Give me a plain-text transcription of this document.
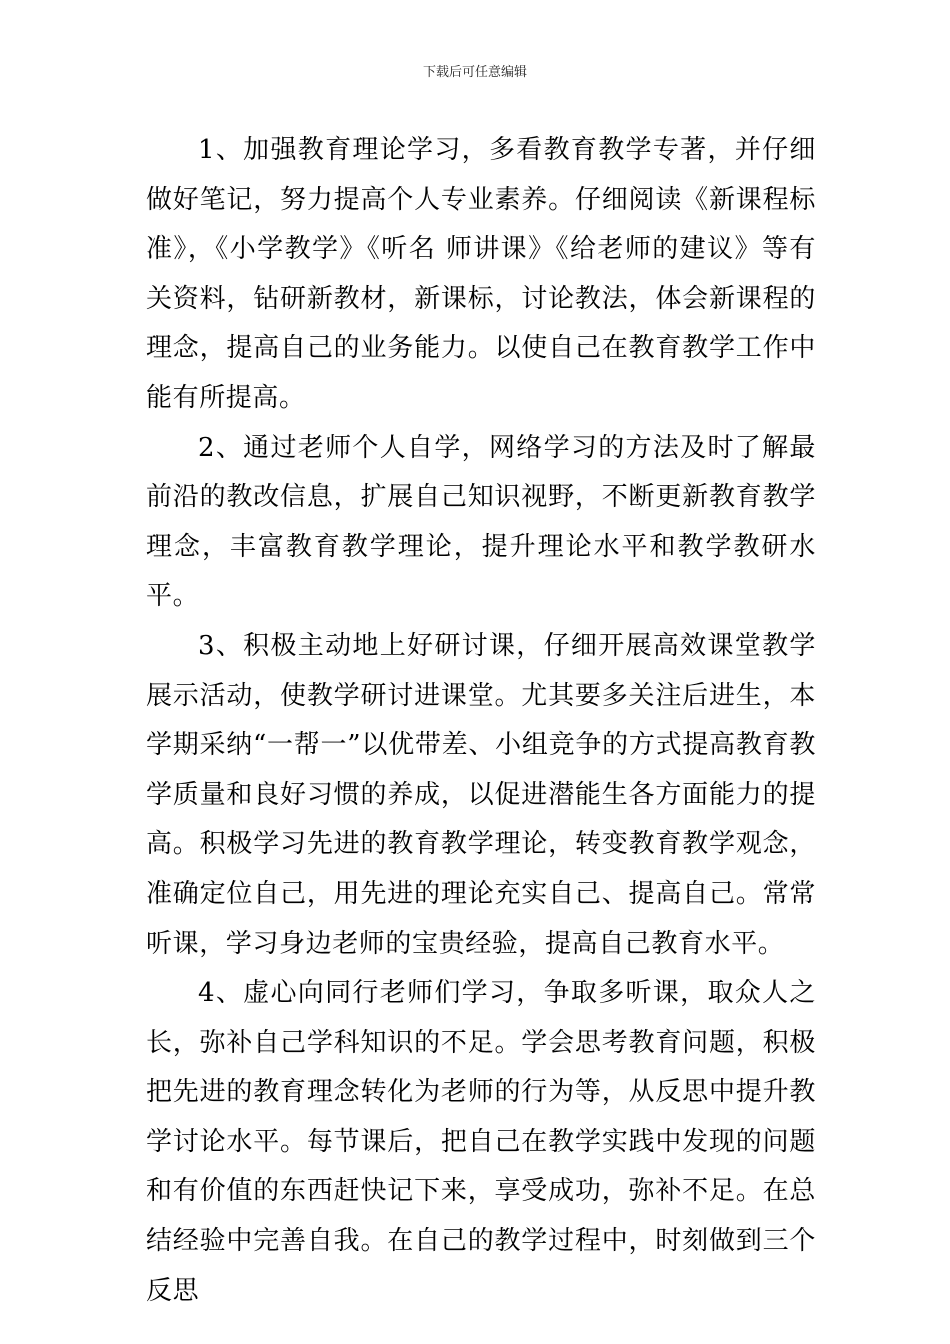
下载后可任意编辑

1、加强教育理论学习，多看教育教学专著，并仔细做好笔记，努力提高个人专业素养。仔细阅读《新课程标准》，《小学教学》《听名 师讲课》《给老师的建议》等有关资料，钻研新教材，新课标，讨论教法，体会新课程的理念，提高自己的业务能力。以使自己在教育教学工作中能有所提高。

2、通过老师个人自学，网络学习的方法及时了解最前沿的教改信息，扩展自己知识视野，不断更新教育教学理念，丰富教育教学理论，提升理论水平和教学教研水平。

3、积极主动地上好研讨课，仔细开展高效课堂教学展示活动，使教学研讨进课堂。尤其要多关注后进生，本学期采纳“一帮一”以优带差、小组竞争的方式提高教育教学质量和良好习惯的养成，以促进潜能生各方面能力的提高。积极学习先进的教育教学理论，转变教育教学观念，准确定位自己，用先进的理论充实自己、提高自己。常常听课，学习身边老师的宝贵经验，提高自己教育水平。

4、虚心向同行老师们学习，争取多听课，取众人之长，弥补自己学科知识的不足。学会思考教育问题，积极把先进的教育理念转化为老师的行为等，从反思中提升教学讨论水平。每节课后，把自己在教学实践中发现的问题和有价值的东西赶快记下来，享受成功，弥补不足。在总结经验中完善自我。在自己的教学过程中，时刻做到三个反思
